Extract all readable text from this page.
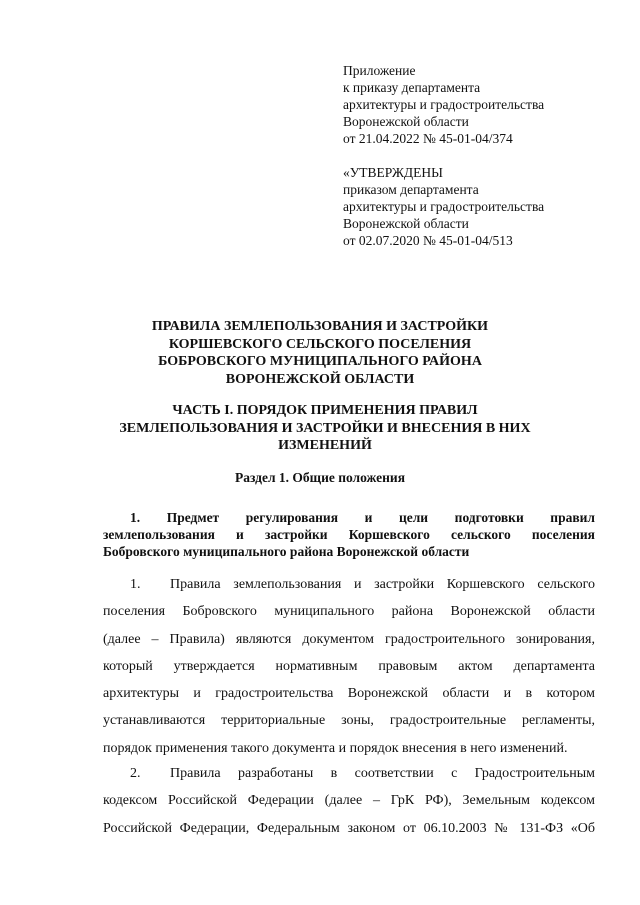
Приложение
к приказу департамента
архитектуры и градостроительства
Воронежской области
от 21.04.2022 № 45-01-04/374
«УТВЕРЖДЕНЫ
приказом департамента
архитектуры и градостроительства
Воронежской области
от 02.07.2020 № 45-01-04/513
ПРАВИЛА ЗЕМЛЕПОЛЬЗОВАНИЯ И ЗАСТРОЙКИ
КОРШЕВСКОГО СЕЛЬСКОГО ПОСЕЛЕНИЯ
БОБРОВСКОГО МУНИЦИПАЛЬНОГО РАЙОНА
ВОРОНЕЖСКОЙ ОБЛАСТИ
ЧАСТЬ I. ПОРЯДОК ПРИМЕНЕНИЯ ПРАВИЛ
ЗЕМЛЕПОЛЬЗОВАНИЯ И ЗАСТРОЙКИ И ВНЕСЕНИЯ В НИХ
ИЗМЕНЕНИЙ
Раздел 1. Общие положения
1. Предмет регулирования и цели подготовки правил
землепользования и застройки Коршевского сельского поселения
Бобровского муниципального района Воронежской области
1. Правила землепользования и застройки Коршевского сельского
поселения Бобровского муниципального района Воронежской области
(далее – Правила) являются документом градостроительного зонирования,
который утверждается нормативным правовым актом департамента
архитектуры и градостроительства Воронежской области и в котором
устанавливаются территориальные зоны, градостроительные регламенты,
порядок применения такого документа и порядок внесения в него изменений.
2. Правила разработаны в соответствии с Градостроительным
кодексом Российской Федерации (далее – ГрК РФ), Земельным кодексом
Российской Федерации, Федеральным законом от 06.10.2003 № 131-ФЗ «Об
